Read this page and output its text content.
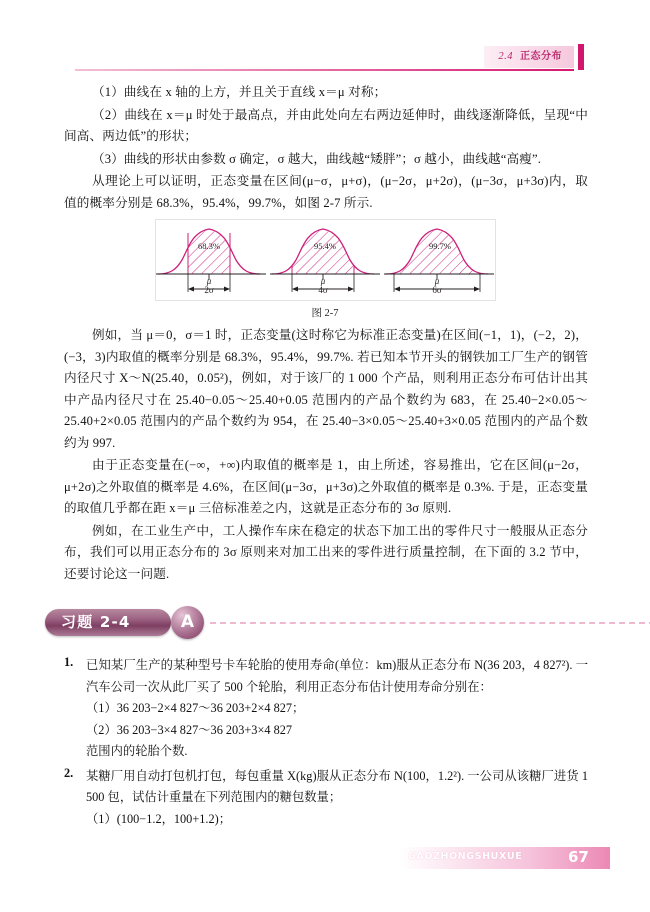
2.4 正态分布

（1）曲线在 x 轴的上方，并且关于直线 x＝μ 对称；

（2）曲线在 x＝μ 时处于最高点，并由此处向左右两边延伸时，曲线逐渐降低，呈现“中间高、两边低”的形状；

（3）曲线的形状由参数 σ 确定，σ 越大，曲线越“矮胖”；σ 越小，曲线越“高瘦”.

从理论上可以证明，正态变量在区间(μ−σ，μ+σ)，(μ−2σ，μ+2σ)，(μ−3σ，μ+3σ)内，取值的概率分别是 68.3%，95.4%，99.7%，如图 2-7 所示.

μ
2σ
68.3%
μ
4σ
95.4%
μ
6σ
99.7%
图 2-7

例如，当 μ＝0，σ＝1 时，正态变量(这时称它为标准正态变量)在区间(−1，1)，(−2，2)，(−3，3)内取值的概率分别是 68.3%，95.4%，99.7%. 若已知本节开头的钢铁加工厂生产的钢管内径尺寸 X～N(25.40，0.05²)，例如，对于该厂的 1 000 个产品，则利用正态分布可估计出其中产品内径尺寸在 25.40−0.05～25.40+0.05 范围内的产品个数约为 683，在 25.40−2×0.05～25.40+2×0.05 范围内的产品个数约为 954，在 25.40−3×0.05～25.40+3×0.05 范围内的产品个数约为 997.

由于正态变量在(−∞，+∞)内取值的概率是 1，由上所述，容易推出，它在区间(μ−2σ，μ+2σ)之外取值的概率是 4.6%，在区间(μ−3σ，μ+3σ)之外取值的概率是 0.3%. 于是，正态变量的取值几乎都在距 x＝μ 三倍标准差之内，这就是正态分布的 3σ 原则.

例如，在工业生产中，工人操作车床在稳定的状态下加工出的零件尺寸一般服从正态分布，我们可以用正态分布的 3σ 原则来对加工出来的零件进行质量控制，在下面的 3.2 节中，还要讨论这一问题.

习题 2-4	A
1. 已知某厂生产的某种型号卡车轮胎的使用寿命(单位：km)服从正态分布 N(36 203，4 827²). 一汽车公司一次从此厂买了 500 个轮胎，利用正态分布估计使用寿命分别在：

（1）36 203−2×4 827～36 203+2×4 827；

（2）36 203−3×4 827～36 203+3×4 827

范围内的轮胎个数.

2. 某糖厂用自动打包机打包，每包重量 X(kg)服从正态分布 N(100，1.2²). 一公司从该糖厂进货 1 500 包，试估计重量在下列范围内的糖包数量；

（1）(100−1.2，100+1.2)；

GAOZHONGSHUXUE	67
